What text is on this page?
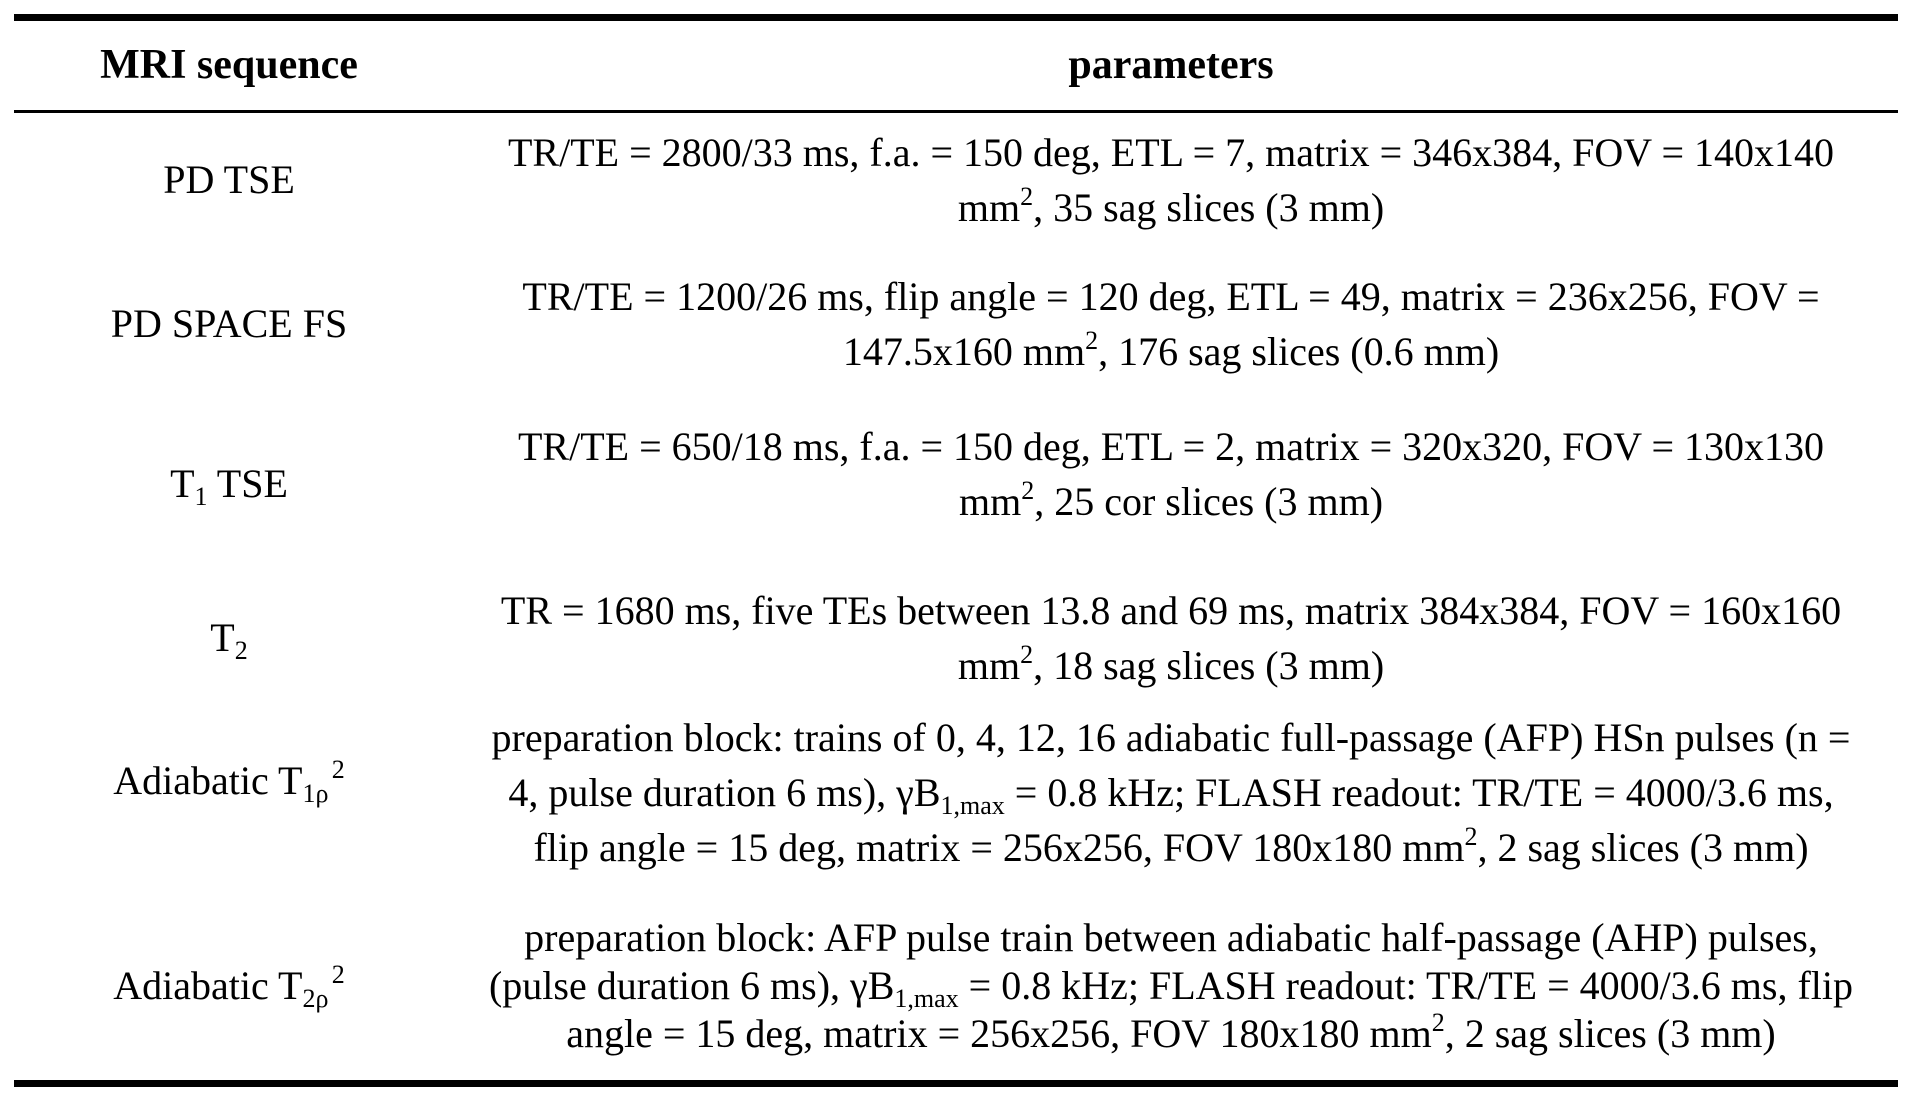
MRI sequence	parameters
PD TSE
TR/TE = 2800/33 ms, f.a. = 150 deg, ETL = 7, matrix = 346x384, FOV = 140x140
$mm^2$, 35 sag slices (3 mm)
PD SPACE FS
TR/TE = 1200/26 ms, flip angle = 120 deg, ETL = 49, matrix = 236x256, FOV =
147.5x160 $mm^2$, 176 sag slices (0.6 mm)
$T_1$ TSE
TR/TE = 650/18 ms, f.a. = 150 deg, ETL = 2, matrix = 320x320, FOV = 130x130
$mm^2$, 25 cor slices (3 mm)
$T_2$
TR = 1680 ms, five TEs between 13.8 and 69 ms, matrix 384x384, FOV = 160x160
$mm^2$, 18 sag slices (3 mm)
Adiabatic $T_{1\rho}$ $^2$
preparation block: trains of 0, 4, 12, 16 adiabatic full-passage (AFP) HSn pulses (n =
4, pulse duration 6 ms), $\gamma B_{1,max} = 0.8$ kHz; FLASH readout: TR/TE = 4000/3.6 ms,
flip angle = 15 deg, matrix = 256x256, FOV 180x180 $mm^2$, 2 sag slices (3 mm)
Adiabatic $T_{2\rho}$ $^2$
preparation block: AFP pulse train between adiabatic half-passage (AHP) pulses,
(pulse duration 6 ms), $\gamma B_{1,max} = 0.8$ kHz; FLASH readout: TR/TE = 4000/3.6 ms, flip
angle = 15 deg, matrix = 256x256, FOV 180x180 $mm^2$, 2 sag slices (3 mm)
